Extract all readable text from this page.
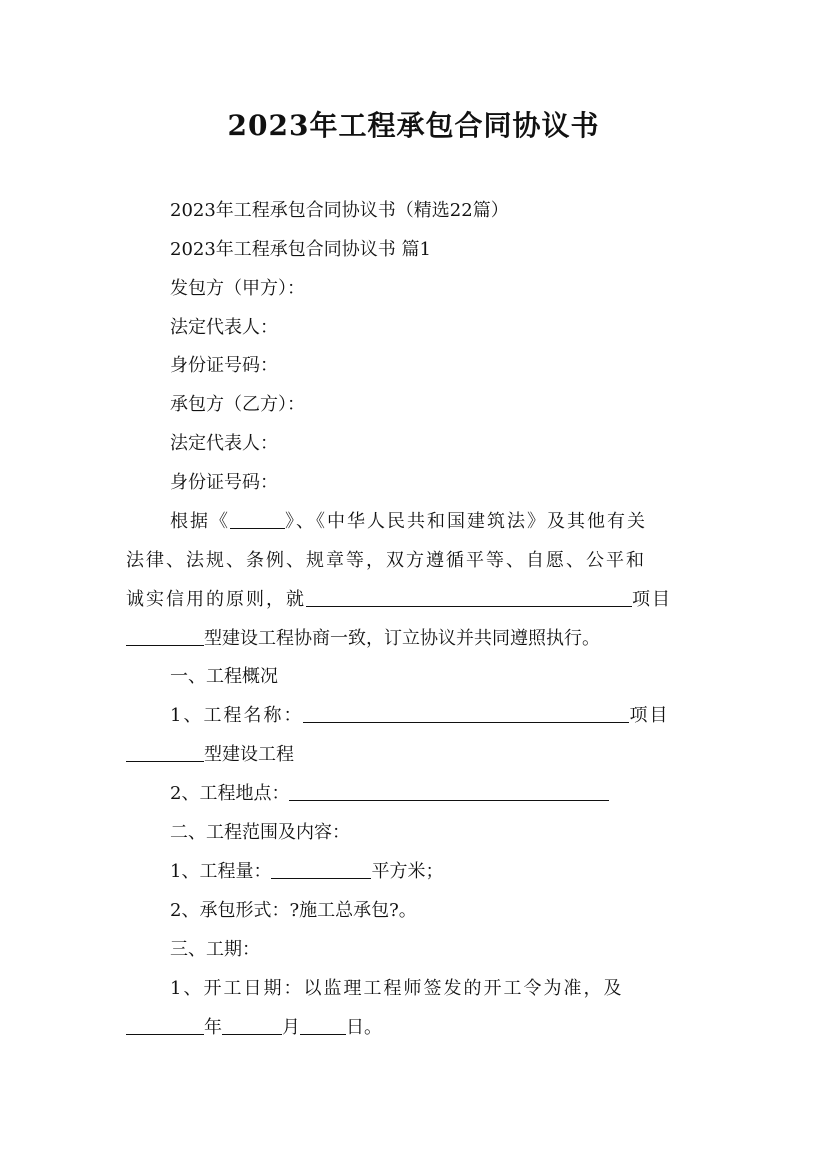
2023年工程承包合同协议书
2023年工程承包合同协议书（精选22篇）
2023年工程承包合同协议书 篇1
发包方（甲方）：
法定代表人：
身份证号码：
承包方（乙方）：
法定代表人：
身份证号码：
根据《	》、《中华人民共和国建筑法》及其他有关
法律、法规、条例、规章等，双方遵循平等、自愿、公平和
诚实信用的原则，就	项目
型建设工程协商一致，订立协议并共同遵照执行。
一、工程概况
1、工程名称：	项目
型建设工程
2、工程地点：
二、工程范围及内容：
1、工程量：	平方米；
2、承包形式：?施工总承包?。
三、工期：
1、开工日期：以监理工程师签发的开工令为准，及
年	月	日。
